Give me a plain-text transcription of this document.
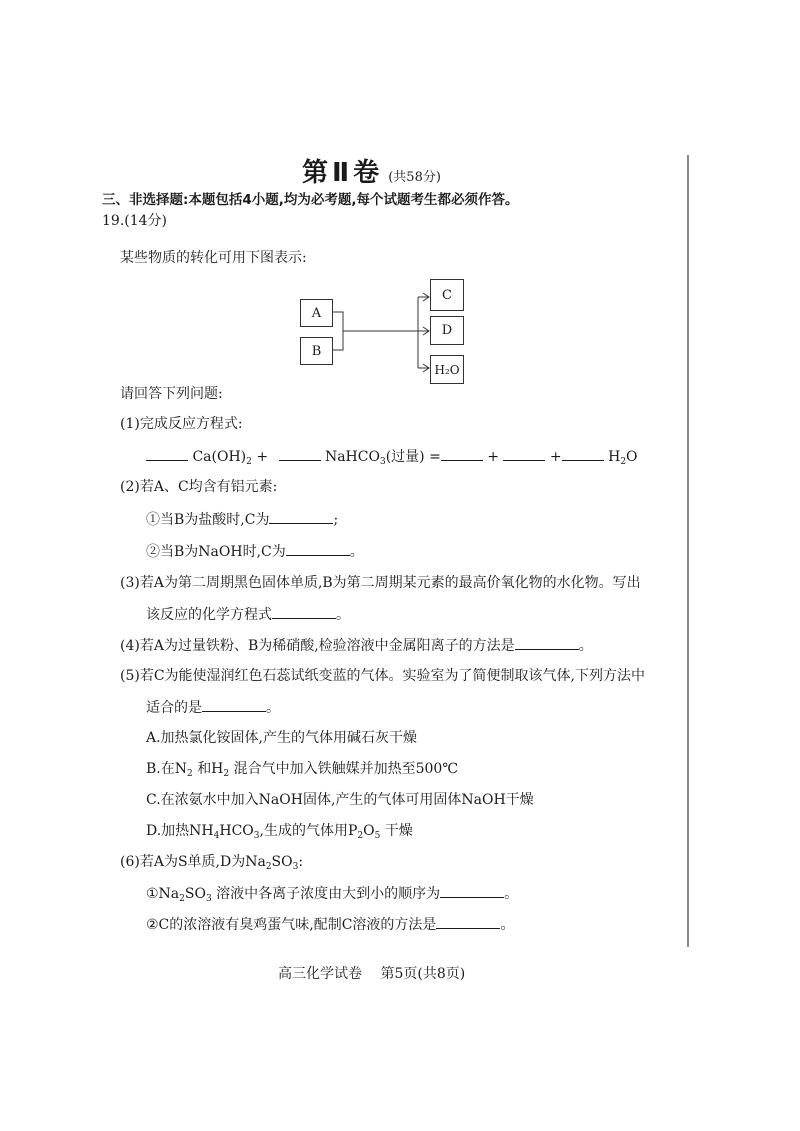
第Ⅱ卷 (共58分)
三、非选择题:本题包括4小题,均为必考题,每个试题考生都必须作答。
19.(14分)
某些物质的转化可用下图表示:
A
B
C
D
H₂O
请回答下列问题:
(1)完成反应方程式:
$Ca(OH)_2$ +	NaHCO$_3$(过量) =	+	+	$H_2O$
(2)若A、C均含有铝元素:
①当B为盐酸时,C为	;
②当B为NaOH时,C为	。
(3)若A为第二周期黑色固体单质,B为第二周期某元素的最高价氧化物的水化物。写出
该反应的化学方程式	。
(4)若A为过量铁粉、B为稀硝酸,检验溶液中金属阳离子的方法是	。
(5)若C为能使湿润红色石蕊试纸变蓝的气体。实验室为了简便制取该气体,下列方法中
适合的是	。
A.加热氯化铵固体,产生的气体用碱石灰干燥
B.在$N_2$ 和$H_2$ 混合气中加入铁触媒并加热至500℃
C.在浓氨水中加入NaOH固体,产生的气体可用固体NaOH干燥
D.加热$NH_4HCO_3$,生成的气体用$P_2O_5$ 干燥
(6)若A为S单质,D为$Na_2SO_3$:
$①Na_2SO_3$ 溶液中各离子浓度由大到小的顺序为	。
②C的浓溶液有臭鸡蛋气味,配制C溶液的方法是	。
高三化学试卷 第5页(共8页)
